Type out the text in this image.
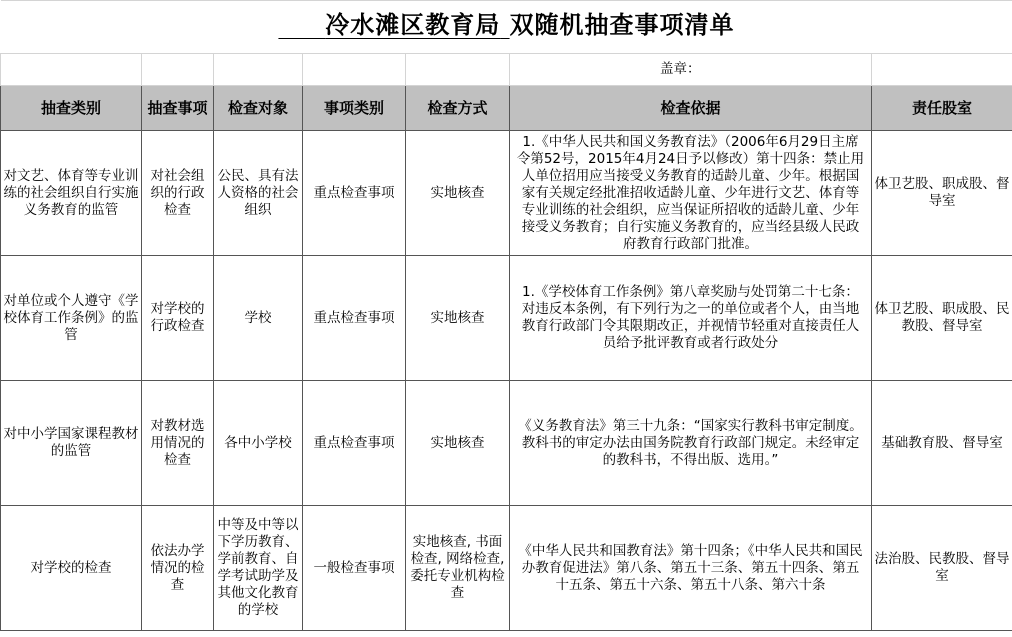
冷水滩区教育局 双随机抽查事项清单						
					盖章：	
抽查类别	抽查事项	检查对象	事项类别	检查方式	检查依据	责任股室
对文艺、体育等专业训练的社会组织自行实施义务教育的监管	对社会组织的行政检查	公民、具有法人资格的社会组织	重点检查事项	实地核查	1.《中华人民共和国义务教育法》（2006年6月29日主席令第52号，2015年4月24日予以修改）第十四条：禁止用人单位招用应当接受义务教育的适龄儿童、少年。根据国家有关规定经批准招收适龄儿童、少年进行文艺、体育等专业训练的社会组织，应当保证所招收的适龄儿童、少年接受义务教育；自行实施义务教育的，应当经县级人民政府教育行政部门批准。	体卫艺股、职成股、督导室
对单位或个人遵守《学校体育工作条例》的监管	对学校的行政检查	学校	重点检查事项	实地核查	1.《学校体育工作条例》第八章奖励与处罚第二十七条：对违反本条例，有下列行为之一的单位或者个人，由当地教育行政部门令其限期改正，并视情节轻重对直接责任人员给予批评教育或者行政处分	体卫艺股、职成股、民教股、督导室
对中小学国家课程教材的监管	对教材选用情况的检查	各中小学校	重点检查事项	实地核查	《义务教育法》第三十九条：“国家实行教科书审定制度。教科书的审定办法由国务院教育行政部门规定。未经审定的教科书，不得出版、选用。”	基础教育股、督导室
对学校的检查	依法办学情况的检查	中等及中等以下学历教育、学前教育、自学考试助学及其他文化教育的学校	一般检查事项	实地核查, 书面检查, 网络检查, 委托专业机构检查	《中华人民共和国教育法》第十四条；《中华人民共和国民办教育促进法》第八条、第五十三条、第五十四条、第五十五条、第五十六条、第五十八条、第六十条	法治股、民教股、督导室
